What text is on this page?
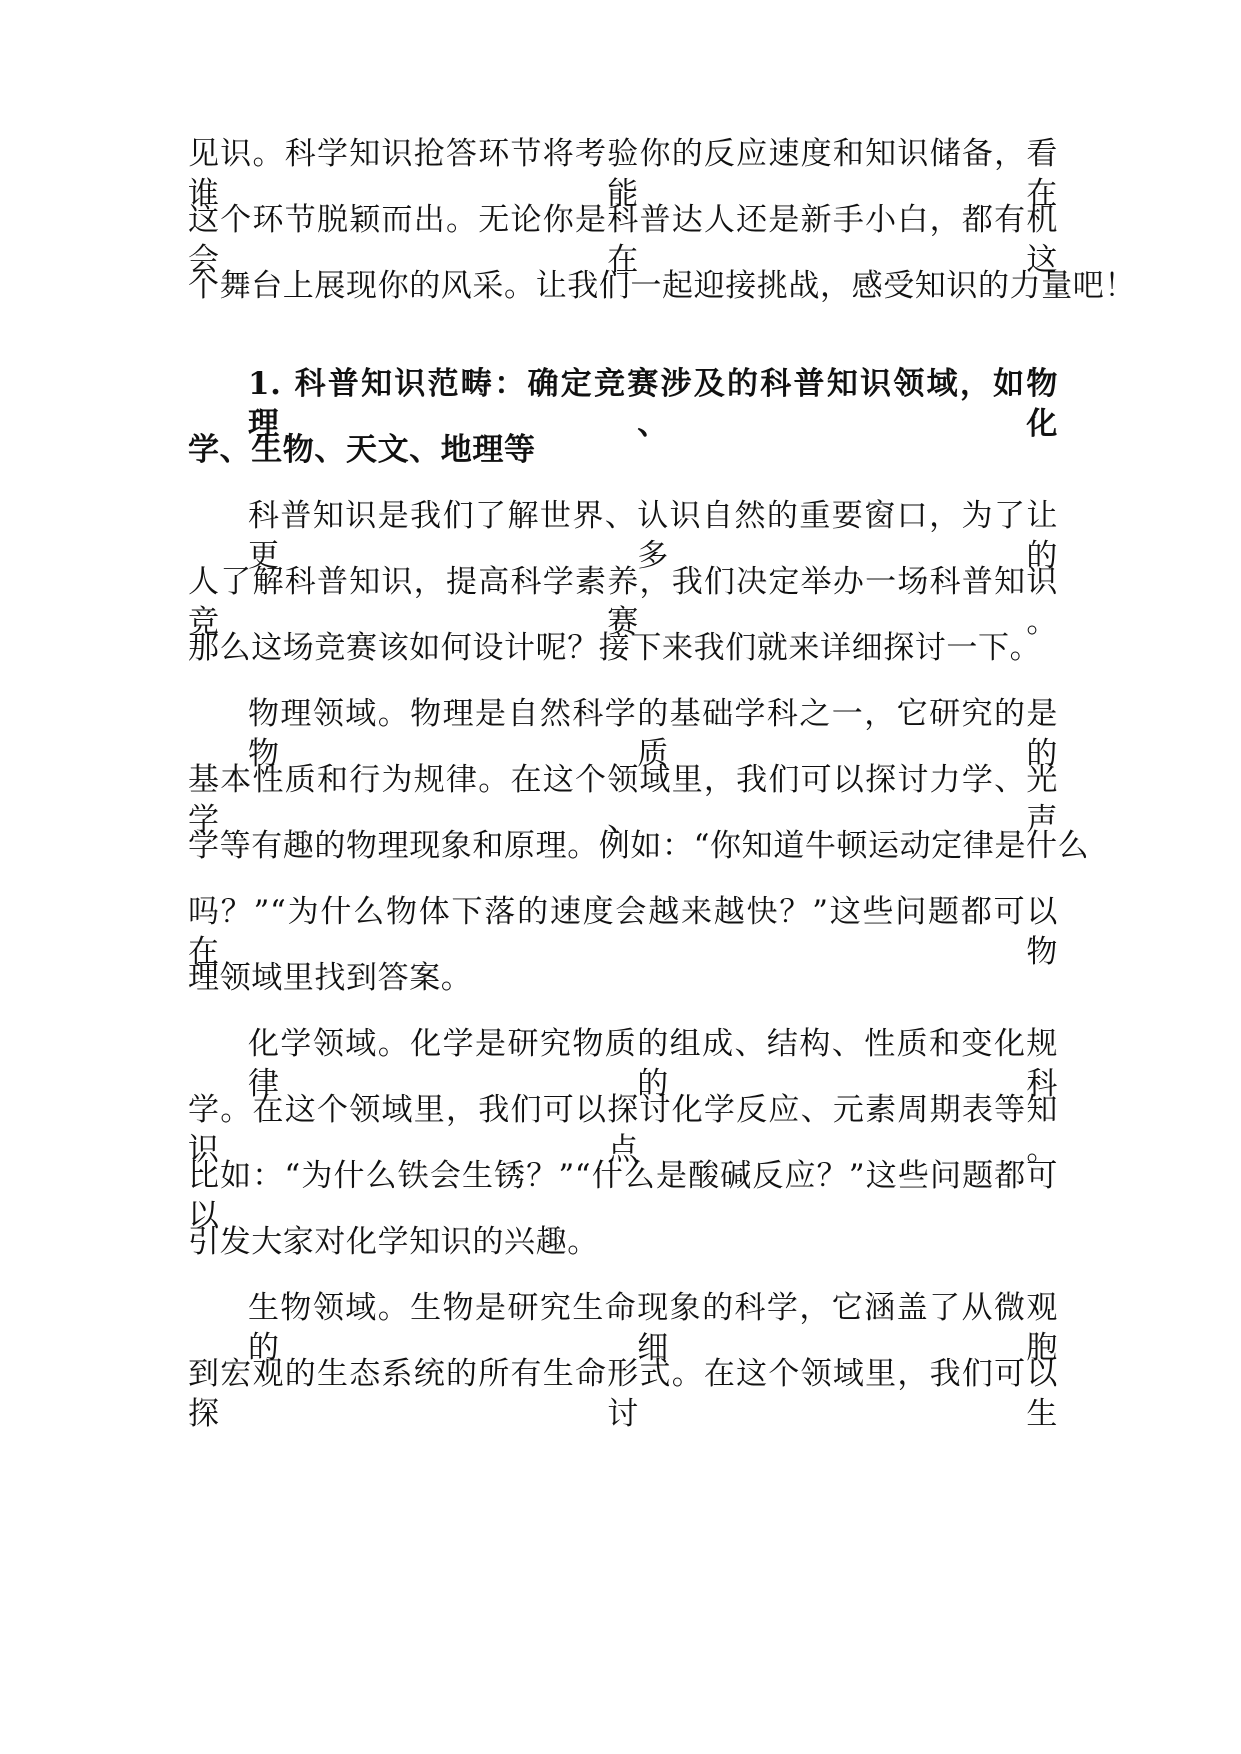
见识。科学知识抢答环节将考验你的反应速度和知识储备，看谁能在
这个环节脱颖而出。无论你是科普达人还是新手小白，都有机会在这
个舞台上展现你的风采。让我们一起迎接挑战，感受知识的力量吧！
1. 科普知识范畴：确定竞赛涉及的科普知识领域，如物理、化
学、生物、天文、地理等
科普知识是我们了解世界、认识自然的重要窗口，为了让更多的
人了解科普知识，提高科学素养，我们决定举办一场科普知识竞赛。
那么这场竞赛该如何设计呢？接下来我们就来详细探讨一下。
物理领域。物理是自然科学的基础学科之一，它研究的是物质的
基本性质和行为规律。在这个领域里，我们可以探讨力学、光学、声
学等有趣的物理现象和原理。例如：“你知道牛顿运动定律是什么
吗？”“为什么物体下落的速度会越来越快？”这些问题都可以在物
理领域里找到答案。
化学领域。化学是研究物质的组成、结构、性质和变化规律的科
学。在这个领域里，我们可以探讨化学反应、元素周期表等知识点。
比如：“为什么铁会生锈？”“什么是酸碱反应？”这些问题都可以
引发大家对化学知识的兴趣。
生物领域。生物是研究生命现象的科学，它涵盖了从微观的细胞
到宏观的生态系统的所有生命形式。在这个领域里，我们可以探讨生
